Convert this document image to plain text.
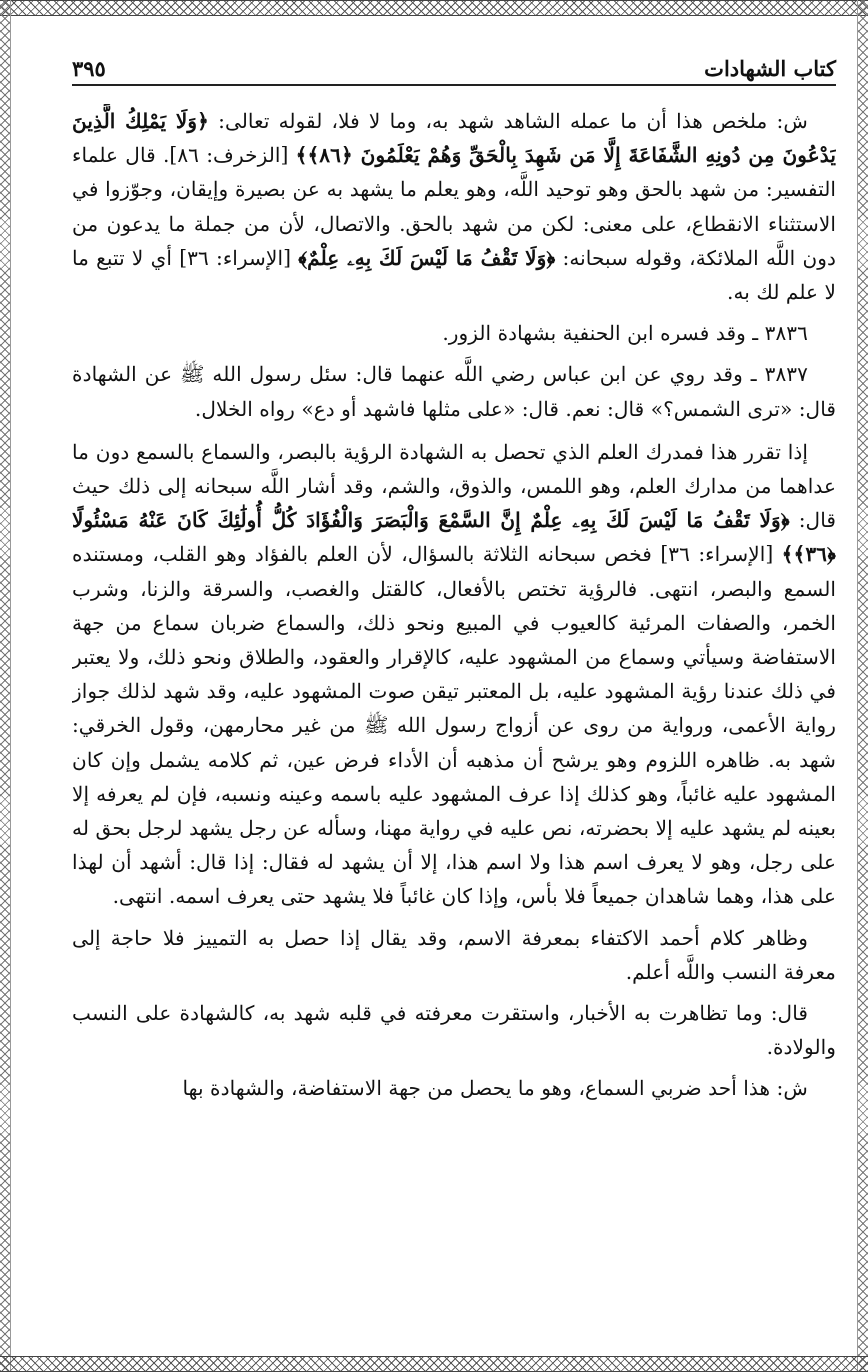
كتاب الشهادات
٣٩٥

ش: ملخص هذا أن ما عمله الشاهد شهد به، وما لا فلا، لقوله تعالى: ﴿وَلَا يَمْلِكُ الَّذِينَ يَدْعُونَ مِن دُونِهِ الشَّفَاعَةَ إِلَّا مَن شَهِدَ بِالْحَقِّ وَهُمْ يَعْلَمُونَ ﴿٨٦﴾﴾ [الزخرف: ٨٦]. قال علماء التفسير: من شهد بالحق وهو توحيد اللَّه، وهو يعلم ما يشهد به عن بصيرة وإيقان، وجوّزوا في الاستثناء الانقطاع، على معنى: لكن من شهد بالحق. والاتصال، لأن من جملة ما يدعون من دون اللَّه الملائكة، وقوله سبحانه: ﴿وَلَا تَقْفُ مَا لَيْسَ لَكَ بِهِۦ عِلْمٌ﴾ [الإسراء: ٣٦] أي لا تتبع ما لا علم لك به.

٣٨٣٦ ـ وقد فسره ابن الحنفية بشهادة الزور.

٣٨٣٧ ـ وقد روي عن ابن عباس رضي اللَّه عنهما قال: سئل رسول الله ﷺ عن الشهادة قال: «ترى الشمس؟» قال: نعم. قال: «على مثلها فاشهد أو دع» رواه الخلال.

إذا تقرر هذا فمدرك العلم الذي تحصل به الشهادة الرؤية بالبصر، والسماع بالسمع دون ما عداهما من مدارك العلم، وهو اللمس، والذوق، والشم، وقد أشار اللَّه سبحانه إلى ذلك حيث قال: ﴿وَلَا تَقْفُ مَا لَيْسَ لَكَ بِهِۦ عِلْمٌ إِنَّ السَّمْعَ وَالْبَصَرَ وَالْفُؤَادَ كُلُّ أُولَٰئِكَ كَانَ عَنْهُ مَسْئُولًا ﴿٣٦﴾﴾ [الإسراء: ٣٦] فخص سبحانه الثلاثة بالسؤال، لأن العلم بالفؤاد وهو القلب، ومستنده السمع والبصر، انتهى. فالرؤية تختص بالأفعال، كالقتل والغصب، والسرقة والزنا، وشرب الخمر، والصفات المرئية كالعيوب في المبيع ونحو ذلك، والسماع ضربان سماع من جهة الاستفاضة وسيأتي وسماع من المشهود عليه، كالإقرار والعقود، والطلاق ونحو ذلك، ولا يعتبر في ذلك عندنا رؤية المشهود عليه، بل المعتبر تيقن صوت المشهود عليه، وقد شهد لذلك جواز رواية الأعمى، ورواية من روى عن أزواج رسول الله ﷺ من غير محارمهن، وقول الخرقي: شهد به. ظاهره اللزوم وهو يرشح أن مذهبه أن الأداء فرض عين، ثم كلامه يشمل وإن كان المشهود عليه غائباً، وهو كذلك إذا عرف المشهود عليه باسمه وعينه ونسبه، فإن لم يعرفه إلا بعينه لم يشهد عليه إلا بحضرته، نص عليه في رواية مهنا، وسأله عن رجل يشهد لرجل بحق له على رجل، وهو لا يعرف اسم هذا ولا اسم هذا، إلا أن يشهد له فقال: إذا قال: أشهد أن لهذا على هذا، وهما شاهدان جميعاً فلا بأس، وإذا كان غائباً فلا يشهد حتى يعرف اسمه. انتهى.

وظاهر كلام أحمد الاكتفاء بمعرفة الاسم، وقد يقال إذا حصل به التمييز فلا حاجة إلى معرفة النسب واللَّه أعلم.

قال: وما تظاهرت به الأخبار، واستقرت معرفته في قلبه شهد به، كالشهادة على النسب والولادة.

ش: هذا أحد ضربي السماع، وهو ما يحصل من جهة الاستفاضة، والشهادة بها
